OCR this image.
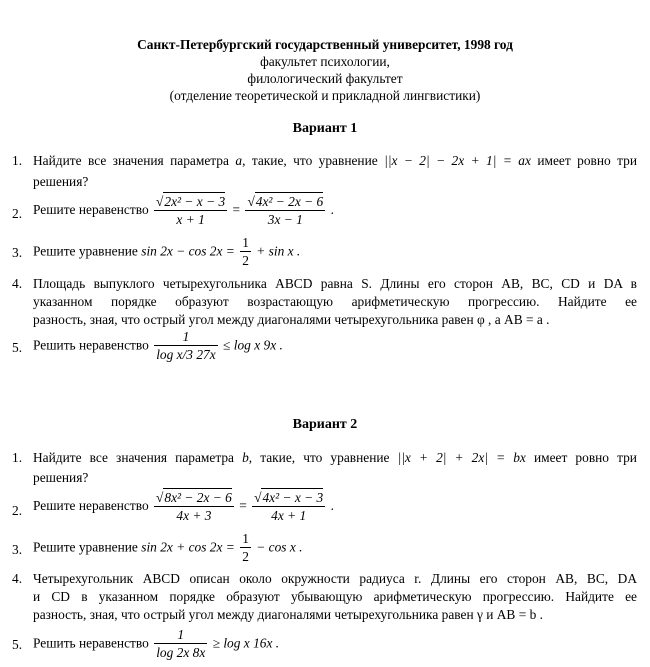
Санкт-Петербургский государственный университет, 1998 год
факультет психологии,
филологический факультет
(отделение теоретической и прикладной лингвистики)
Вариант 1
1. Найдите все значения параметра a, такие, что уравнение ||x − 2| − 2x + 1| = ax имеет ровно три
решения?
2. Решите неравенство $\frac{\text{√2x² − x − 3}}{x + 1} = \frac{\text{√4x² − 2x − 6}}{3x - 1}$ .
3. Решите уравнение $\sin 2x - \cos 2x = \frac{1}{2} + \sin x$ .
4. Площадь выпуклого четырехугольника ABCD равна S. Длины его сторон AB, BC, CD и DA в
указанном порядке образуют возрастающую арифметическую прогрессию. Найдите ее
разность, зная, что острый угол между диагоналями четырехугольника равен φ , а AB = a .
5. Решить неравенство $\frac{1}{\text{log x/3 27x}} \le \log x$ 9x .
Вариант 2
1. Найдите все значения параметра b, такие, что уравнение ||x + 2| + 2x| = bx имеет ровно три
решения?
2. Решите неравенство $\frac{\text{√8x² − 2x − 6}}{4x + 3} = \frac{\text{√4x² − x − 3}}{4x + 1}$ .
3. Решите уравнение $\sin 2x + \cos 2x = \frac{1}{2} - \cos x$ .
4. Четырехугольник ABCD описан около окружности радиуса r. Длины его сторон AB, BC, DA
и CD в указанном порядке образуют убывающую арифметическую прогрессию. Найдите ее
разность, зная, что острый угол между диагоналями четырехугольника равен γ и AB = b .
5. Решить неравенство $\frac{1}{\log 2x 8x} \ge \log x$ 16x .
